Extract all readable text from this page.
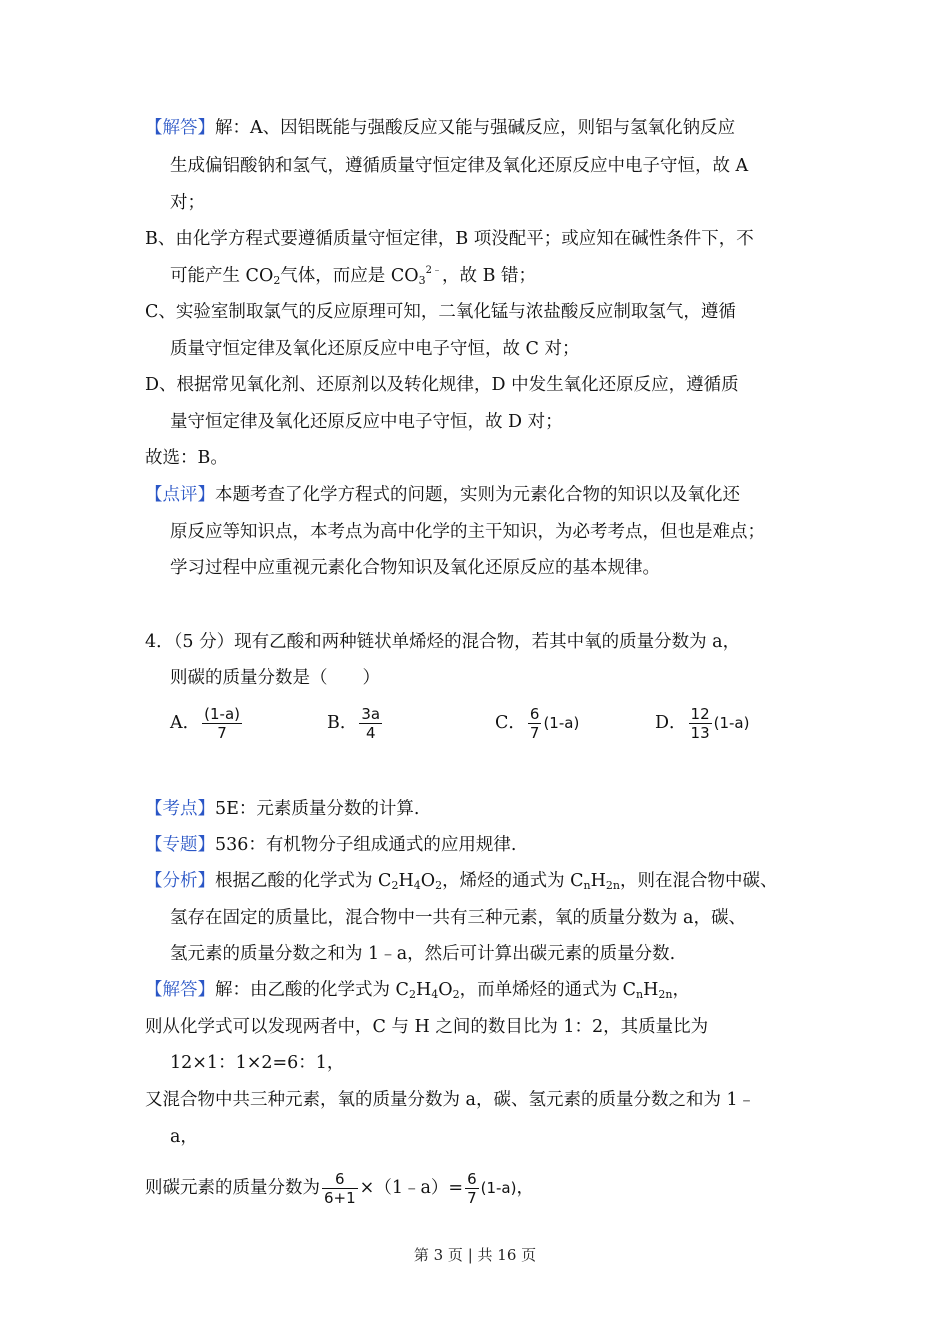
【解答】解：A、因铝既能与强酸反应又能与强碱反应，则铝与氢氧化钠反应
生成偏铝酸钠和氢气，遵循质量守恒定律及氧化还原反应中电子守恒，故 A
对；
B、由化学方程式要遵循质量守恒定律，B 项没配平；或应知在碱性条件下，不
可能产生 $CO_2$气体，而应是 $CO_3^{2﹣}$，故 B 错；
C、实验室制取氯气的反应原理可知，二氧化锰与浓盐酸反应制取氢气，遵循
质量守恒定律及氧化还原反应中电子守恒，故 C 对；
D、根据常见氧化剂、还原剂以及转化规律，D 中发生氧化还原反应，遵循质
量守恒定律及氧化还原反应中电子守恒，故 D 对；
故选：B。
【点评】本题考查了化学方程式的问题，实则为元素化合物的知识以及氧化还
原反应等知识点，本考点为高中化学的主干知识，为必考考点，但也是难点；
学习过程中应重视元素化合物知识及氧化还原反应的基本规律。
4．（5 分）现有乙酸和两种链状单烯烃的混合物，若其中氧的质量分数为 a，
则碳的质量分数是（　　）
A． $\frac{(1-a)}{7}$	B． $\frac{3a}{4}$	C． $\frac{6}{7} (1-a)$	D． $\frac{12}{13} (1-a)$
【考点】5E：元素质量分数的计算.
【专题】536：有机物分子组成通式的应用规律.
【分析】根据乙酸的化学式为 $C_2H_4O_2$，烯烃的通式为 $C_nH_{2n}$，则在混合物中碳、
氢存在固定的质量比，混合物中一共有三种元素，氧的质量分数为 a，碳、
氢元素的质量分数之和为 1﹣a，然后可计算出碳元素的质量分数.
【解答】解：由乙酸的化学式为 $C_2H_4O_2$，而单烯烃的通式为 $C_nH_{2n}$，
则从化学式可以发现两者中，C 与 H 之间的数目比为 1：2，其质量比为
12×1：1×2=6：1，
又混合物中共三种元素，氧的质量分数为 a，碳、氢元素的质量分数之和为 1﹣
a，
则碳元素的质量分数为 $\frac{6}{6+1}$ ×（1﹣a）= $\frac{6}{7} (1-a)$，
第 3 页 | 共 16 页
